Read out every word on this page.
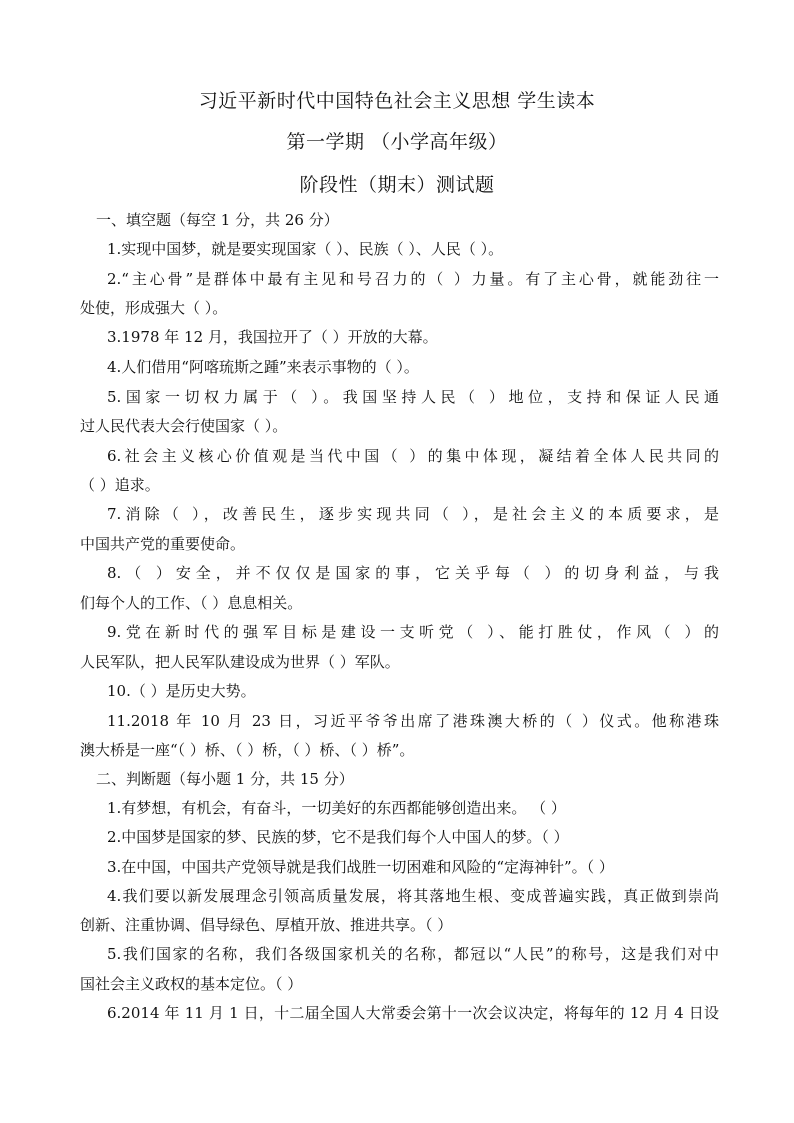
习近平新时代中国特色社会主义思想 学生读本
第一学期 （小学高年级）
阶段性（期末）测试题
一、填空题（每空 1 分，共 26 分）
1.实现中国梦，就是要实现国家（ ）、民族（ ）、人民（ ）。
2.“主心骨”是群体中最有主见和号召力的（ ）力量。有了主心骨，就能劲往一
处使，形成强大（ ）。
3.1978 年 12 月，我国拉开了（ ）开放的大幕。
4.人们借用“阿喀琉斯之踵”来表示事物的（ ）。
5.国家一切权力属于（ ）。我国坚持人民（ ）地位，支持和保证人民通
过人民代表大会行使国家（ ）。
6.社会主义核心价值观是当代中国（ ）的集中体现，凝结着全体人民共同的
（ ）追求。
7.消除（ ），改善民生，逐步实现共同（ ），是社会主义的本质要求，是
中国共产党的重要使命。
8.（ ）安全，并不仅仅是国家的事，它关乎每（ ）的切身利益，与我
们每个人的工作、（ ）息息相关。
9.党在新时代的强军目标是建设一支听党（ ）、能打胜仗，作风（ ）的
人民军队，把人民军队建设成为世界（ ）军队。
10.（ ）是历史大势。
11.2018 年 10 月 23 日，习近平爷爷出席了港珠澳大桥的（ ）仪式。他称港珠
澳大桥是一座“（ ）桥、（ ）桥，（ ）桥、（ ）桥”。
二、判断题（每小题 1 分，共 15 分）
1.有梦想，有机会，有奋斗，一切美好的东西都能够创造出来。 （ ）
2.中国梦是国家的梦、民族的梦，它不是我们每个人中国人的梦。（ ）
3.在中国，中国共产党领导就是我们战胜一切困难和风险的“定海神针”。（ ）
4.我们要以新发展理念引领高质量发展，将其落地生根、变成普遍实践，真正做到崇尚
创新、注重协调、倡导绿色、厚植开放、推进共享。（ ）
5.我们国家的名称，我们各级国家机关的名称，都冠以“人民”的称号，这是我们对中
国社会主义政权的基本定位。（ ）
6.2014 年 11 月 1 日，十二届全国人大常委会第十一次会议决定，将每年的 12 月 4 日设
